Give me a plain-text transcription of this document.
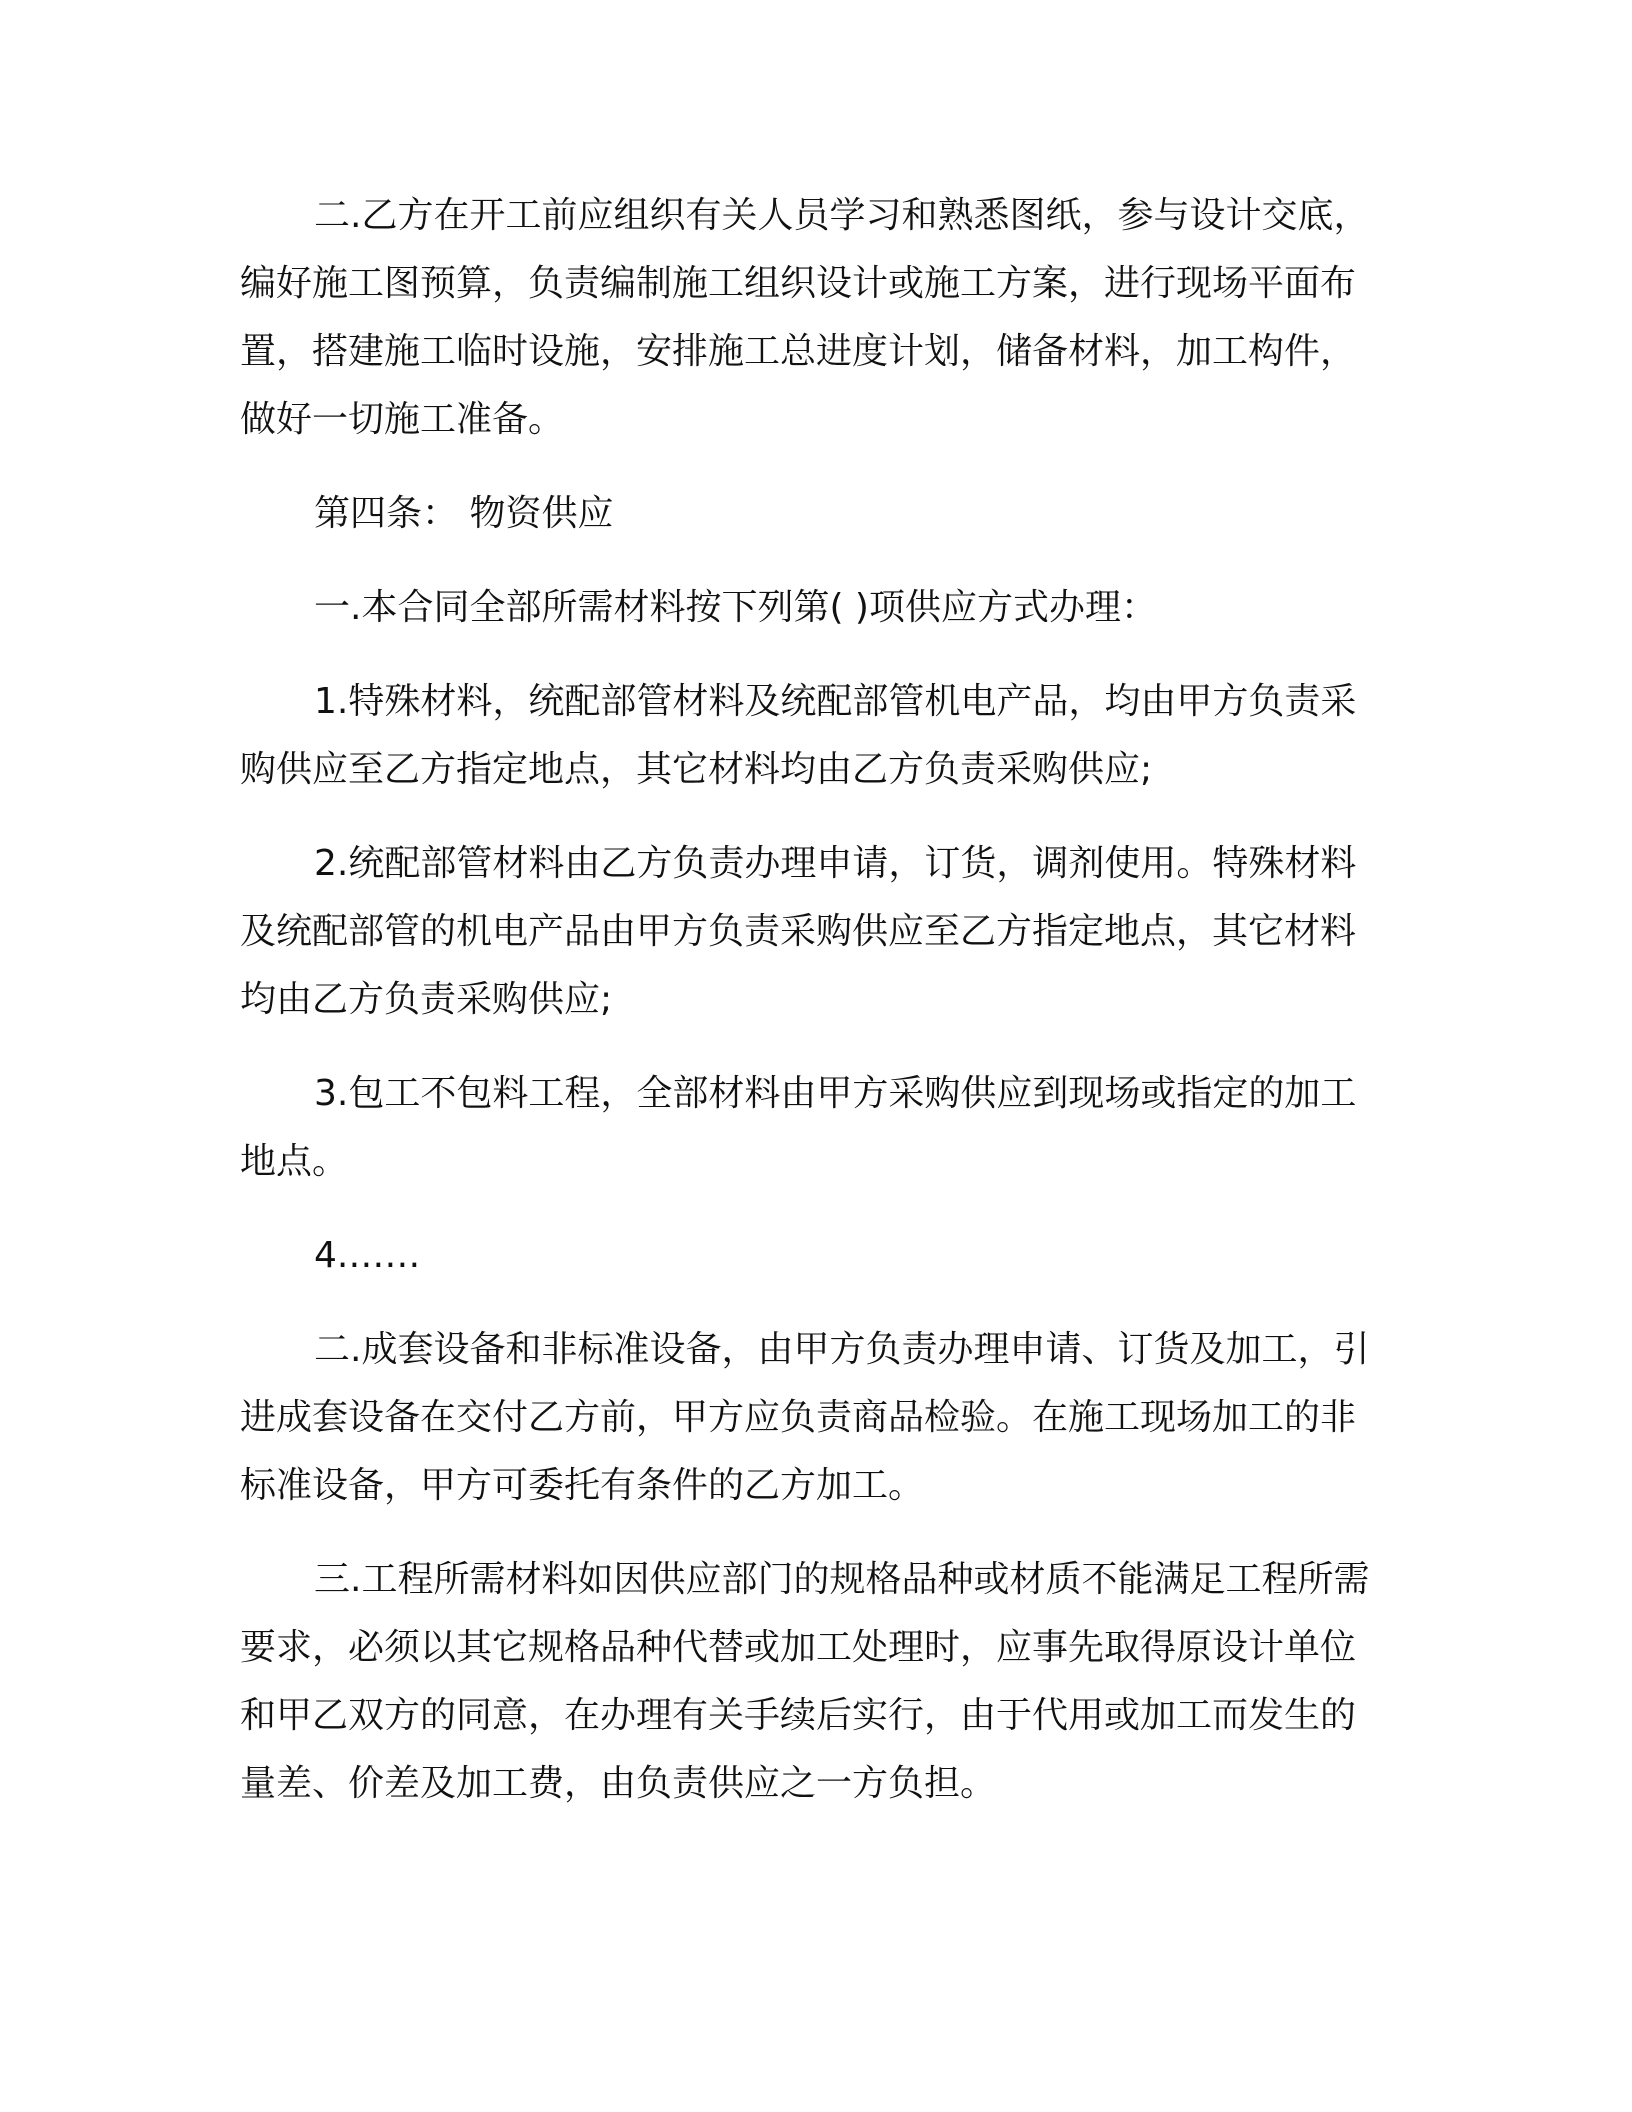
二.乙方在开工前应组织有关人员学习和熟悉图纸，参与设计交底，编好施工图预算，负责编制施工组织设计或施工方案，进行现场平面布置，搭建施工临时设施，安排施工总进度计划，储备材料，加工构件，做好一切施工准备。

第四条： 物资供应

一.本合同全部所需材料按下列第( )项供应方式办理：

1.特殊材料，统配部管材料及统配部管机电产品，均由甲方负责采购供应至乙方指定地点，其它材料均由乙方负责采购供应;

2.统配部管材料由乙方负责办理申请，订货，调剂使用。特殊材料及统配部管的机电产品由甲方负责采购供应至乙方指定地点，其它材料均由乙方负责采购供应;

3.包工不包料工程，全部材料由甲方采购供应到现场或指定的加工地点。

4.……

二.成套设备和非标准设备，由甲方负责办理申请、订货及加工，引进成套设备在交付乙方前，甲方应负责商品检验。在施工现场加工的非标准设备，甲方可委托有条件的乙方加工。

三.工程所需材料如因供应部门的规格品种或材质不能满足工程所需要求，必须以其它规格品种代替或加工处理时，应事先取得原设计单位和甲乙双方的同意，在办理有关手续后实行，由于代用或加工而发生的量差、价差及加工费，由负责供应之一方负担。
